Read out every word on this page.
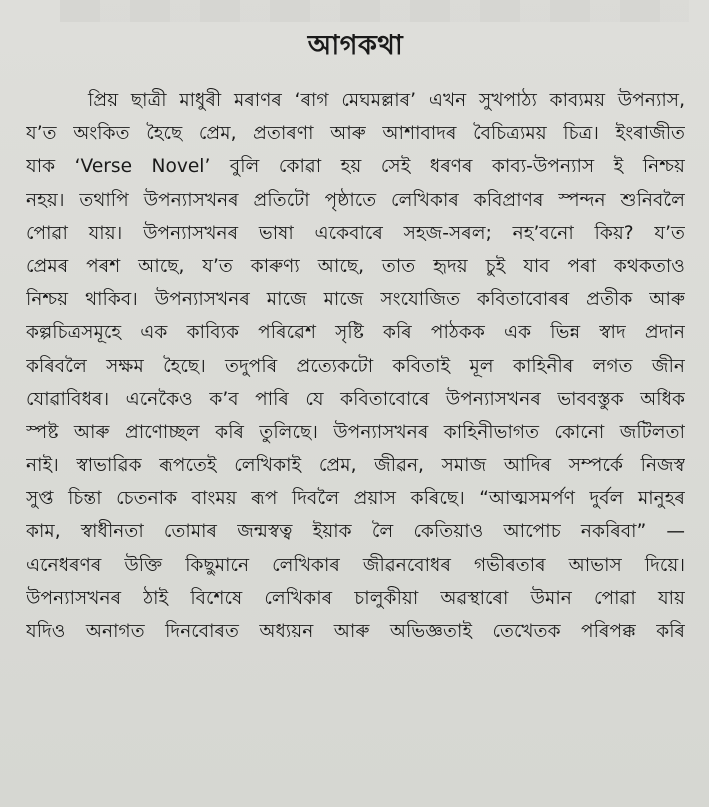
আগকথা
প্ৰিয় ছাত্ৰী মাধুৰী মৰাণৰ ‘ৰাগ মেঘমল্লাৰ’ এখন সুখপাঠ্য কাব্যময় উপন্যাস,
য’ত অংকিত হৈছে প্ৰেম, প্ৰতাৰণা আৰু আশাবাদৰ বৈচিত্ৰ্যময় চিত্ৰ। ইংৰাজীত
যাক ‘Verse Novel’ বুলি কোৱা হয় সেই ধৰণৰ কাব্য-উপন্যাস ই নিশ্চয়
নহয়। তথাপি উপন্যাসখনৰ প্ৰতিটো পৃষ্ঠাতে লেখিকাৰ কবিপ্ৰাণৰ স্পন্দন শুনিবলৈ
পোৱা যায়। উপন্যাসখনৰ ভাষা একেবাৰে সহজ-সৰল; নহ’বনো কিয়? য’ত
প্ৰেমৰ পৰশ আছে, য’ত কাৰুণ্য আছে, তাত হৃদয় চুই যাব পৰা কথকতাও
নিশ্চয় থাকিব। উপন্যাসখনৰ মাজে মাজে সংযোজিত কবিতাবোৰৰ প্ৰতীক আৰু
কল্পচিত্ৰসমূহে এক কাব্যিক পৰিৱেশ সৃষ্টি কৰি পাঠকক এক ভিন্ন স্বাদ প্ৰদান
কৰিবলৈ সক্ষম হৈছে। তদুপৰি প্ৰত্যেকটো কবিতাই মূল কাহিনীৰ লগত জীন
যোৱাবিধৰ। এনেকৈও ক’ব পাৰি যে কবিতাবোৰে উপন্যাসখনৰ ভাববস্তুক অধিক
স্পষ্ট আৰু প্ৰাণোচ্ছল কৰি তুলিছে। উপন্যাসখনৰ কাহিনীভাগত কোনো জটিলতা
নাই। স্বাভাৱিক ৰূপতেই লেখিকাই প্ৰেম, জীৱন, সমাজ আদিৰ সম্পৰ্কে নিজস্ব
সুপ্ত চিন্তা চেতনাক বাংময় ৰূপ দিবলৈ প্ৰয়াস কৰিছে। “আত্মসমৰ্পণ দুৰ্বল মানুহৰ
কাম, স্বাধীনতা তোমাৰ জন্মস্বত্ব ইয়াক লৈ কেতিয়াও আপোচ নকৰিবা” —
এনেধৰণৰ উক্তি কিছুমানে লেখিকাৰ জীৱনবোধৰ গভীৰতাৰ আভাস দিয়ে।
উপন্যাসখনৰ ঠাই বিশেষে লেখিকাৰ চালুকীয়া অৱস্থাৰো উমান পোৱা যায়
যদিও অনাগত দিনবোৰত অধ্যয়ন আৰু অভিজ্ঞতাই তেখেতক পৰিপক্ক কৰি
